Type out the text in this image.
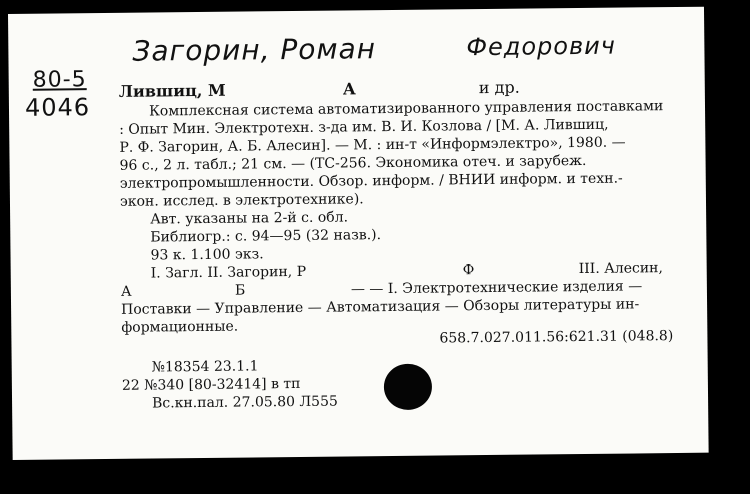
Загорин, Роман	Федорович
80-5
4046
Лившиц, М	А	и др.
Комплексная система автоматизированного управления поставками
: Опыт Мин. Электротехн. з-да им. В. И. Козлова / [М. А. Лившиц,
Р. Ф. Загорин, А. Б. Алесин]. — М. : ин-т «Информэлектро», 1980. —
96 с., 2 л. табл.; 21 см. — (ТС-256. Экономика отеч. и зарубеж.
электропромышленности. Обзор. информ. / ВНИИ информ. и техн.-
экон. исслед. в электротехнике).
Авт. указаны на 2-й с. обл.
Библиогр.: с. 94—95 (32 назв.).
93 к. 1.100 экз.
I. Загл. II. Загорин, Р	Ф	III. Алесин,
А	Б	— — I. Электротехнические изделия —
Поставки — Управление — Автоматизация — Обзоры литературы ин-
формационные.
658.7.027.011.56:621.31 (048.8)
№18354 23.1.1
22 №340 [80-32414] в тп
Вс.кн.пал. 27.05.80 Л555
